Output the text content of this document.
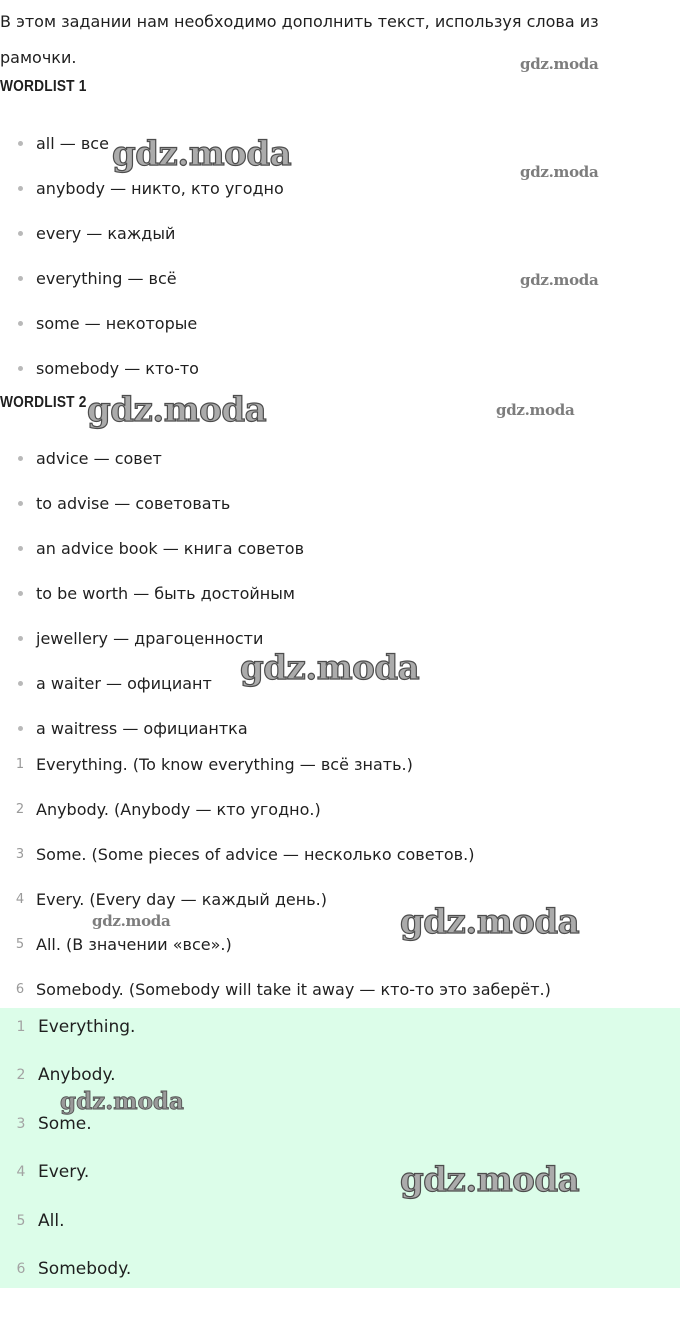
В этом задании нам необходимо дополнить текст, используя слова из рамочки.

WORDLIST 1
all — все
anybody — никто, кто угодно
every — каждый
everything — всё
some — некоторые
somebody — кто-то
WORDLIST 2
advice — совет
to advise — советовать
an advice book — книга советов
to be worth — быть достойным
jewellery — драгоценности
a waiter — официант
a waitress — официантка
1 Everything. (To know everything — всё знать.)
2 Anybody. (Anybody — кто угодно.)
3 Some. (Some pieces of advice — несколько советов.)
4 Every. (Every day — каждый день.)
5 All. (В значении «все».)
6 Somebody. (Somebody will take it away — кто-то это заберёт.)
1 Everything.
2 Anybody.
3 Some.
4 Every.
5 All.
6 Somebody.
gdz.moda
gdz.moda	gdz.moda
gdz.moda
gdz.moda	gdz.moda
gdz.moda
gdz.moda	gdz.moda
gdz.moda
gdz.moda
